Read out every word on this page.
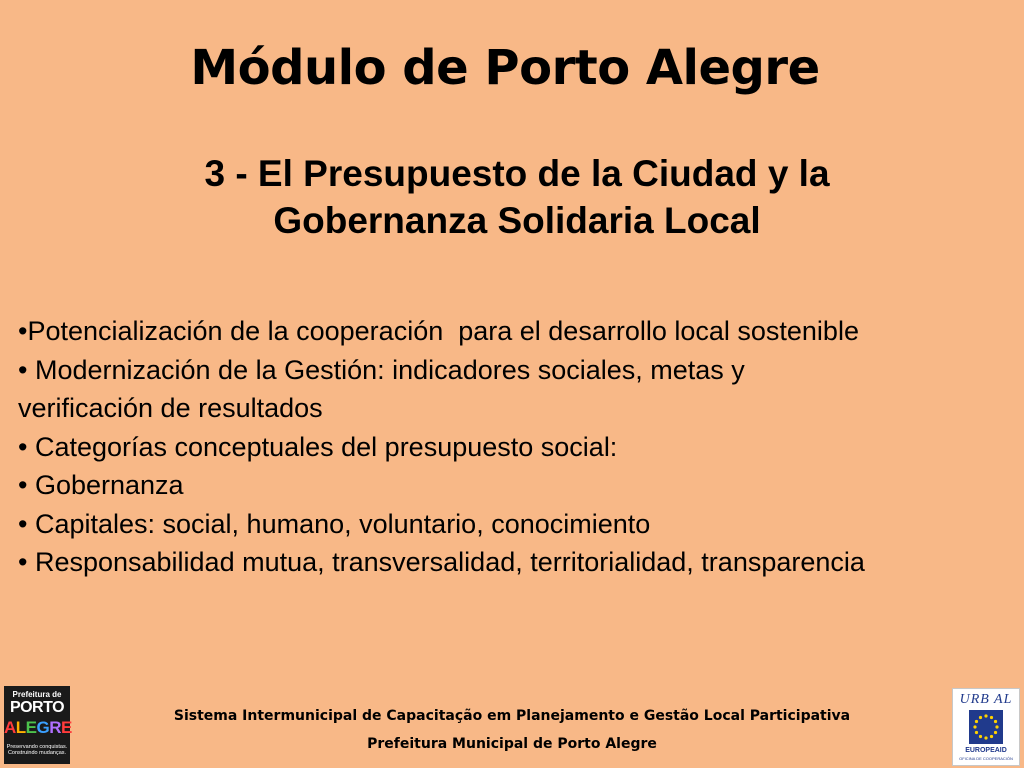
Módulo de Porto Alegre
3 - El Presupuesto de la Ciudad y la
Gobernanza Solidaria Local
•Potencialización de la cooperación  para el desarrollo local sostenible
• Modernización de la Gestión: indicadores sociales, metas y
verificación de resultados
• Categorías conceptuales del presupuesto social:
• Gobernanza
• Capitales: social, humano, voluntario, conocimiento
• Responsabilidad mutua, transversalidad, territorialidad, transparencia
Prefeitura de
PORTO
ALEGRE
Preservando conquistas.
Construindo mudanças.
Sistema Intermunicipal de Capacitação em Planejamento e Gestão Local Participativa
Prefeitura Municipal de Porto Alegre
URB AL
EUROPEAID
OFICINA DE COOPERACIÓN
